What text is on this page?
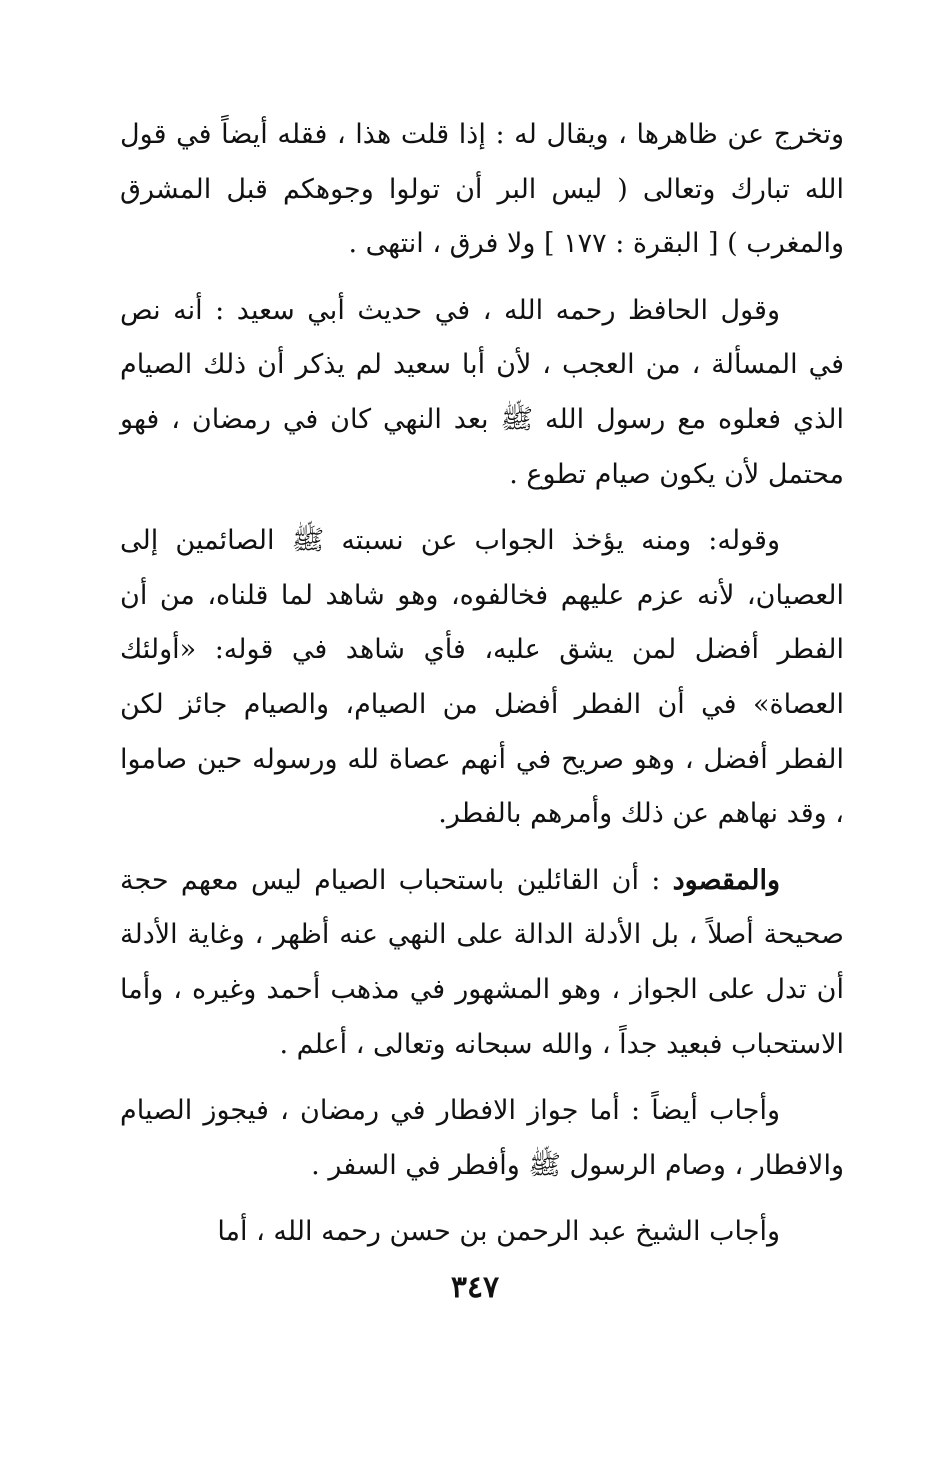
وتخرج عن ظاهرها ، ويقال له : إذا قلت هذا ، فقله أيضاً في قول الله تبارك وتعالى ( ليس البر أن تولوا وجوهكم قبل المشرق والمغرب ) [ البقرة : ١٧٧ ] ولا فرق ، انتهى .

وقول الحافظ رحمه الله ، في حديث أبي سعيد : أنه نص في المسألة ، من العجب ، لأن أبا سعيد لم يذكر أن ذلك الصيام الذي فعلوه مع رسول الله ﷺ بعد النهي كان في رمضان ، فهو محتمل لأن يكون صيام تطوع .

وقوله: ومنه يؤخذ الجواب عن نسبته ﷺ الصائمين إلى العصيان، لأنه عزم عليهم فخالفوه، وهو شاهد لما قلناه، من أن الفطر أفضل لمن يشق عليه، فأي شاهد في قوله: «أولئك العصاة» في أن الفطر أفضل من الصيام، والصيام جائز لكن الفطر أفضل ، وهو صريح في أنهم عصاة لله ورسوله حين صاموا ، وقد نهاهم عن ذلك وأمرهم بالفطر.

والمقصود : أن القائلين باستحباب الصيام ليس معهم حجة صحيحة أصلاً ، بل الأدلة الدالة على النهي عنه أظهر ، وغاية الأدلة أن تدل على الجواز ، وهو المشهور في مذهب أحمد وغيره ، وأما الاستحباب فبعيد جداً ، والله سبحانه وتعالى ، أعلم .

وأجاب أيضاً : أما جواز الافطار في رمضان ، فيجوز الصيام والافطار ، وصام الرسول ﷺ وأفطر في السفر .

وأجاب الشيخ عبد الرحمن بن حسن رحمه الله ، أما

٣٤٧
